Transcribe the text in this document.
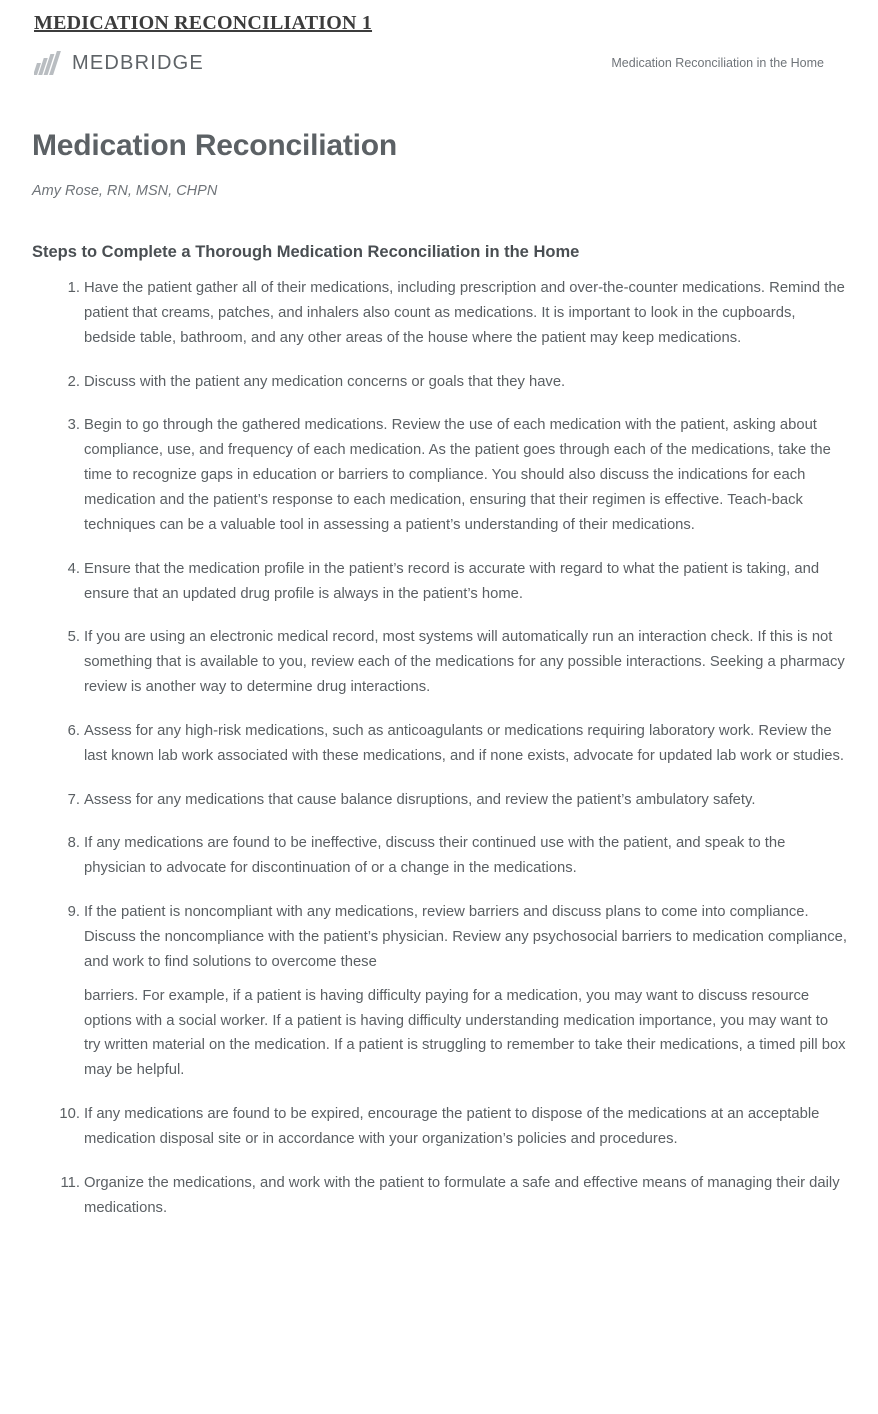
MEDICATION RECONCILIATION 1
MEDBRIDGE	Medication Reconciliation in the Home
Medication Reconciliation
Amy Rose, RN, MSN, CHPN
Steps to Complete a Thorough Medication Reconciliation in the Home

Have the patient gather all of their medications, including prescription and over-the-counter medications. Remind the patient that creams, patches, and inhalers also count as medications. It is important to look in the cupboards, bedside table, bathroom, and any other areas of the house where the patient may keep medications.

Discuss with the patient any medication concerns or goals that they have.

Begin to go through the gathered medications. Review the use of each medication with the patient, asking about compliance, use, and frequency of each medication. As the patient goes through each of the medications, take the time to recognize gaps in education or barriers to compliance. You should also discuss the indications for each medication and the patient’s response to each medication, ensuring that their regimen is effective. Teach-back techniques can be a valuable tool in assessing a patient’s understanding of their medications.

Ensure that the medication profile in the patient’s record is accurate with regard to what the patient is taking, and ensure that an updated drug profile is always in the patient’s home.

If you are using an electronic medical record, most systems will automatically run an interaction check. If this is not something that is available to you, review each of the medications for any possible interactions. Seeking a pharmacy review is another way to determine drug interactions.

Assess for any high-risk medications, such as anticoagulants or medications requiring laboratory work. Review the last known lab work associated with these medications, and if none exists, advocate for updated lab work or studies.

Assess for any medications that cause balance disruptions, and review the patient’s ambulatory safety.

If any medications are found to be ineffective, discuss their continued use with the patient, and speak to the physician to advocate for discontinuation of or a change in the medications.

If the patient is noncompliant with any medications, review barriers and discuss plans to come into compliance. Discuss the noncompliance with the patient’s physician. Review any psychosocial barriers to medication compliance, and work to find solutions to overcome these

barriers. For example, if a patient is having difficulty paying for a medication, you may want to discuss resource options with a social worker. If a patient is having difficulty understanding medication importance, you may want to try written material on the medication. If a patient is struggling to remember to take their medications, a timed pill box may be helpful.

If any medications are found to be expired, encourage the patient to dispose of the medications at an acceptable medication disposal site or in accordance with your organization’s policies and procedures.

Organize the medications, and work with the patient to formulate a safe and effective means of managing their daily medications.
